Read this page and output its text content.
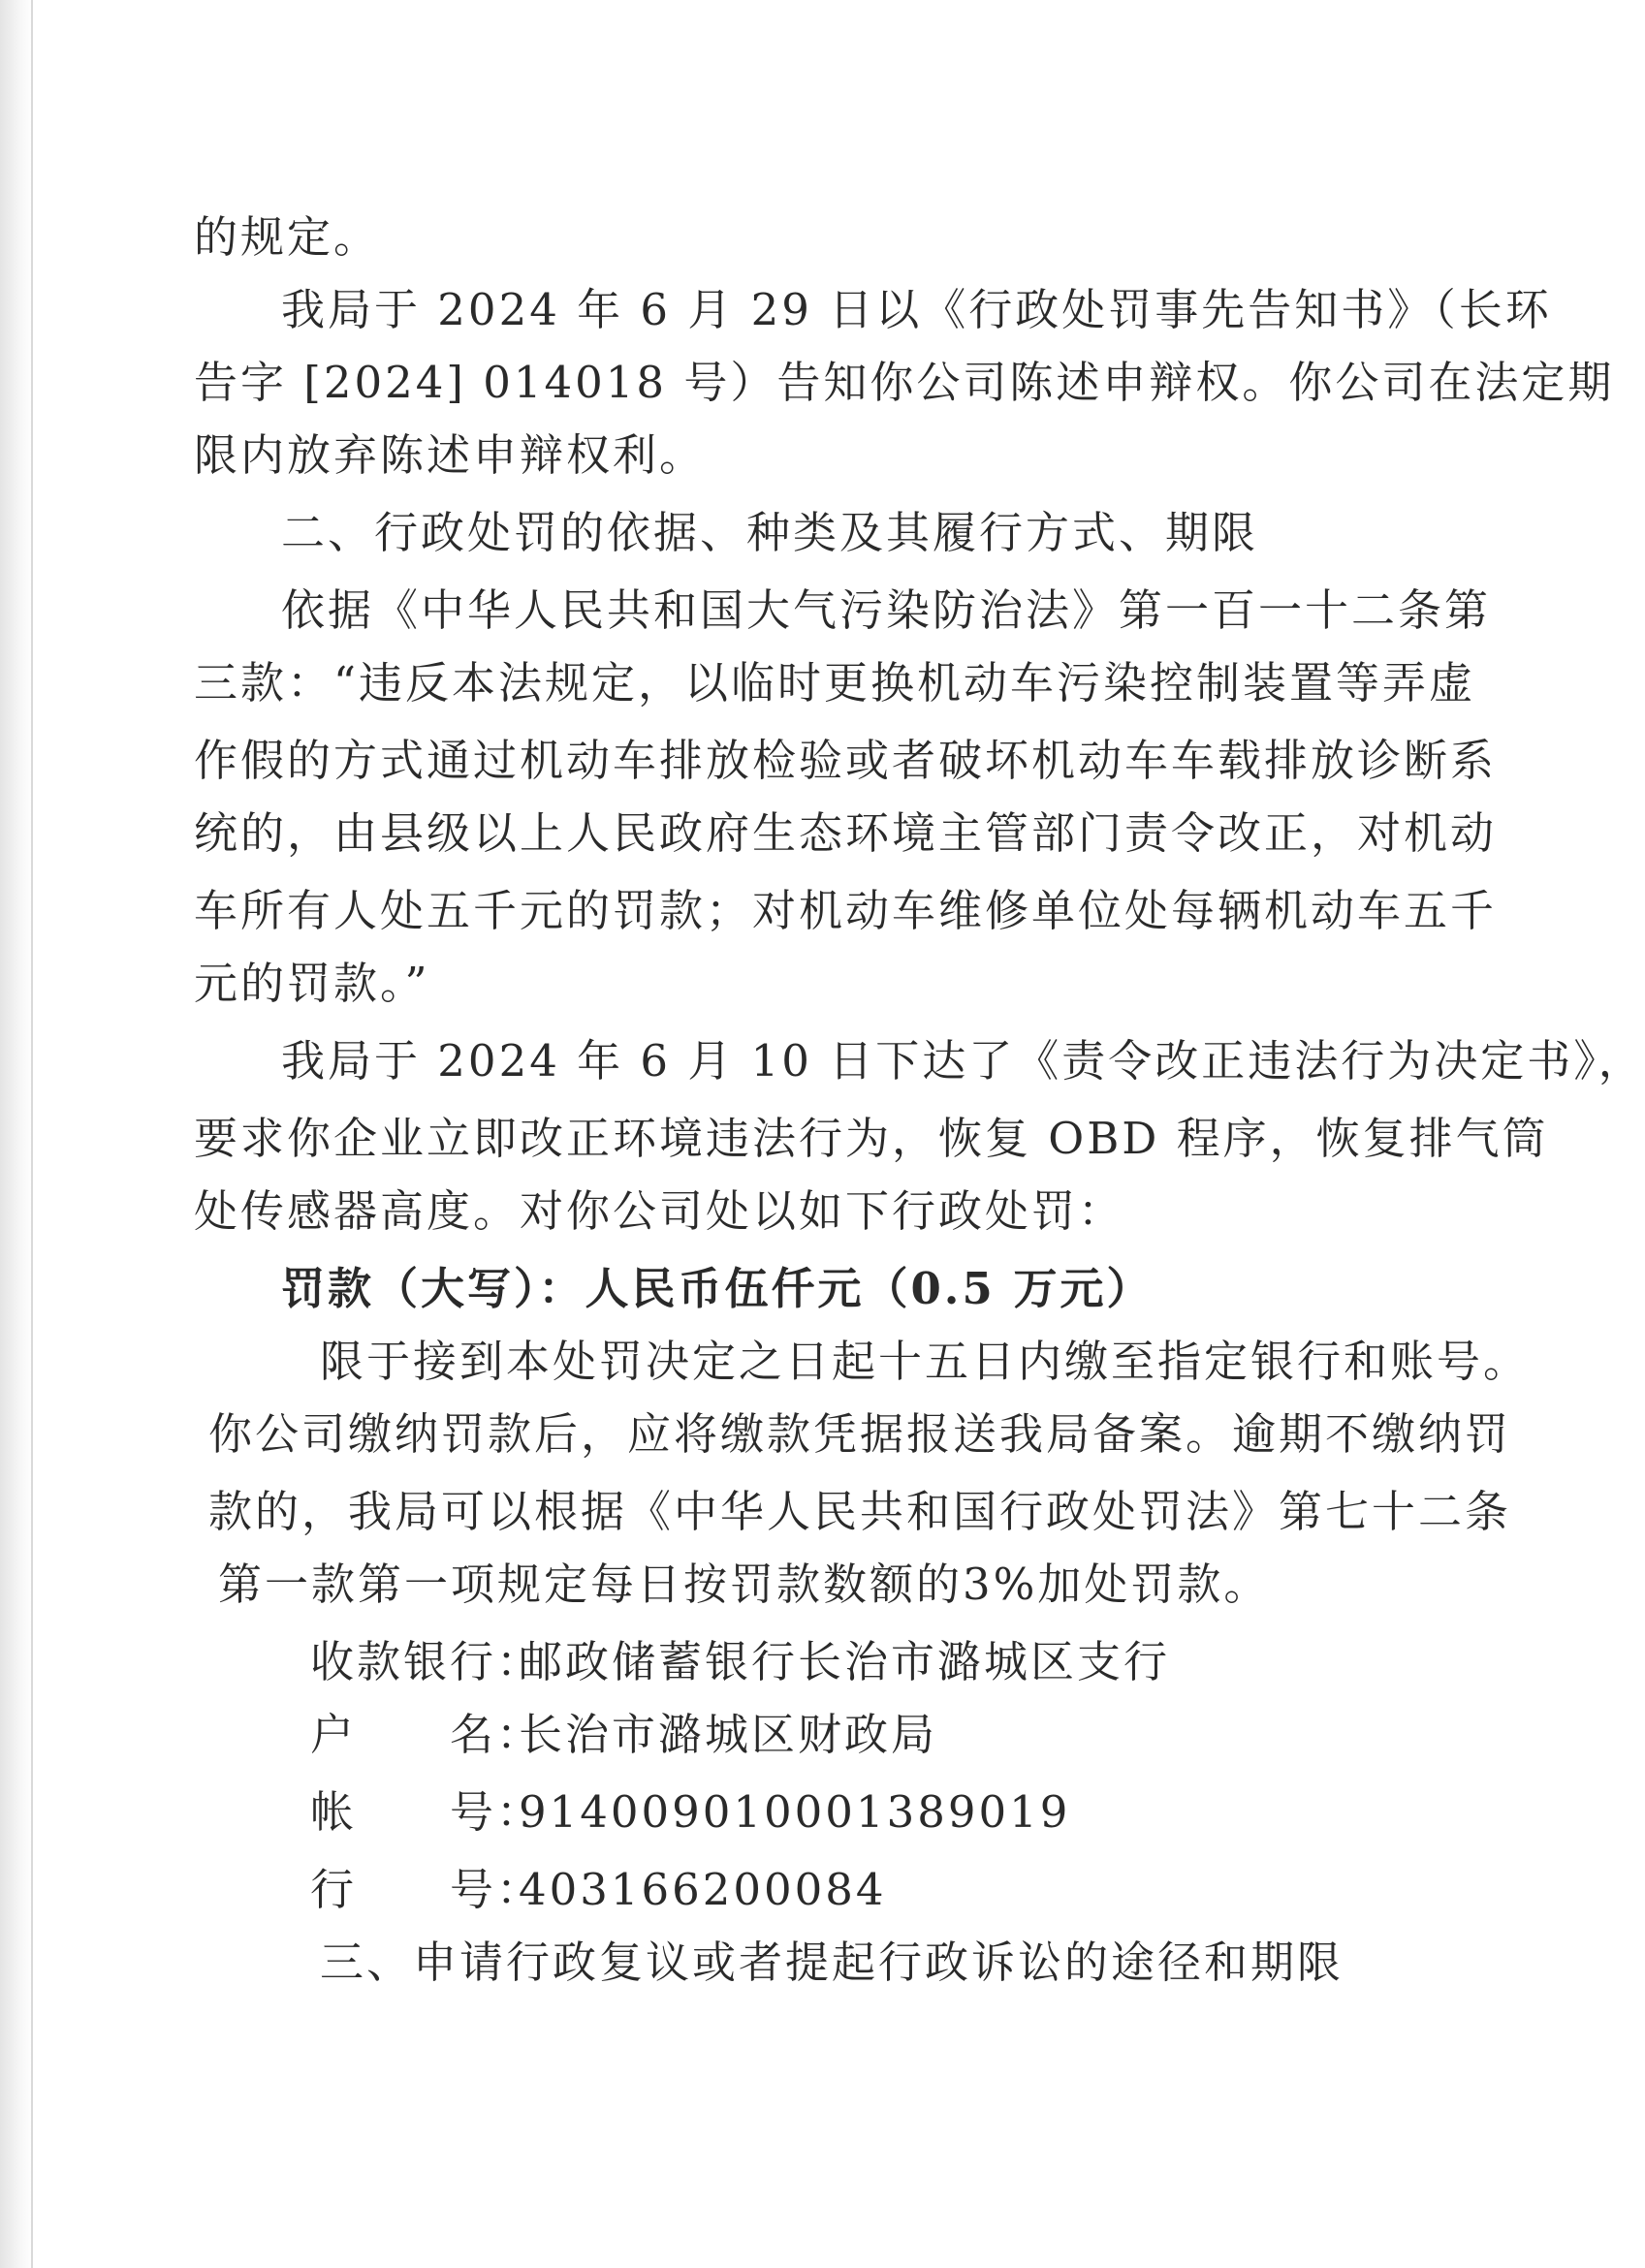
的规定。
我局于 2024 年 6 月 29 日以《行政处罚事先告知书》（长环
告字 [2024] 014018 号）告知你公司陈述申辩权。你公司在法定期
限内放弃陈述申辩权利。
二、行政处罚的依据、种类及其履行方式、期限
依据《中华人民共和国大气污染防治法》第一百一十二条第
三款：“违反本法规定，以临时更换机动车污染控制装置等弄虚
作假的方式通过机动车排放检验或者破坏机动车车载排放诊断系
统的，由县级以上人民政府生态环境主管部门责令改正，对机动
车所有人处五千元的罚款；对机动车维修单位处每辆机动车五千
元的罚款。”
我局于 2024 年 6 月 10 日下达了《责令改正违法行为决定书》，
要求你企业立即改正环境违法行为，恢复 OBD 程序，恢复排气筒
处传感器高度。对你公司处以如下行政处罚：
罚款（大写）：人民币伍仟元（0.5 万元）
限于接到本处罚决定之日起十五日内缴至指定银行和账号。
你公司缴纳罚款后，应将缴款凭据报送我局备案。逾期不缴纳罚
款的，我局可以根据《中华人民共和国行政处罚法》第七十二条
第一款第一项规定每日按罚款数额的3%加处罚款。
收款银行：邮政储蓄银行长治市潞城区支行
户　　名：长治市潞城区财政局
帐　　号：914009010001389019
行　　号：403166200084
三、申请行政复议或者提起行政诉讼的途径和期限
